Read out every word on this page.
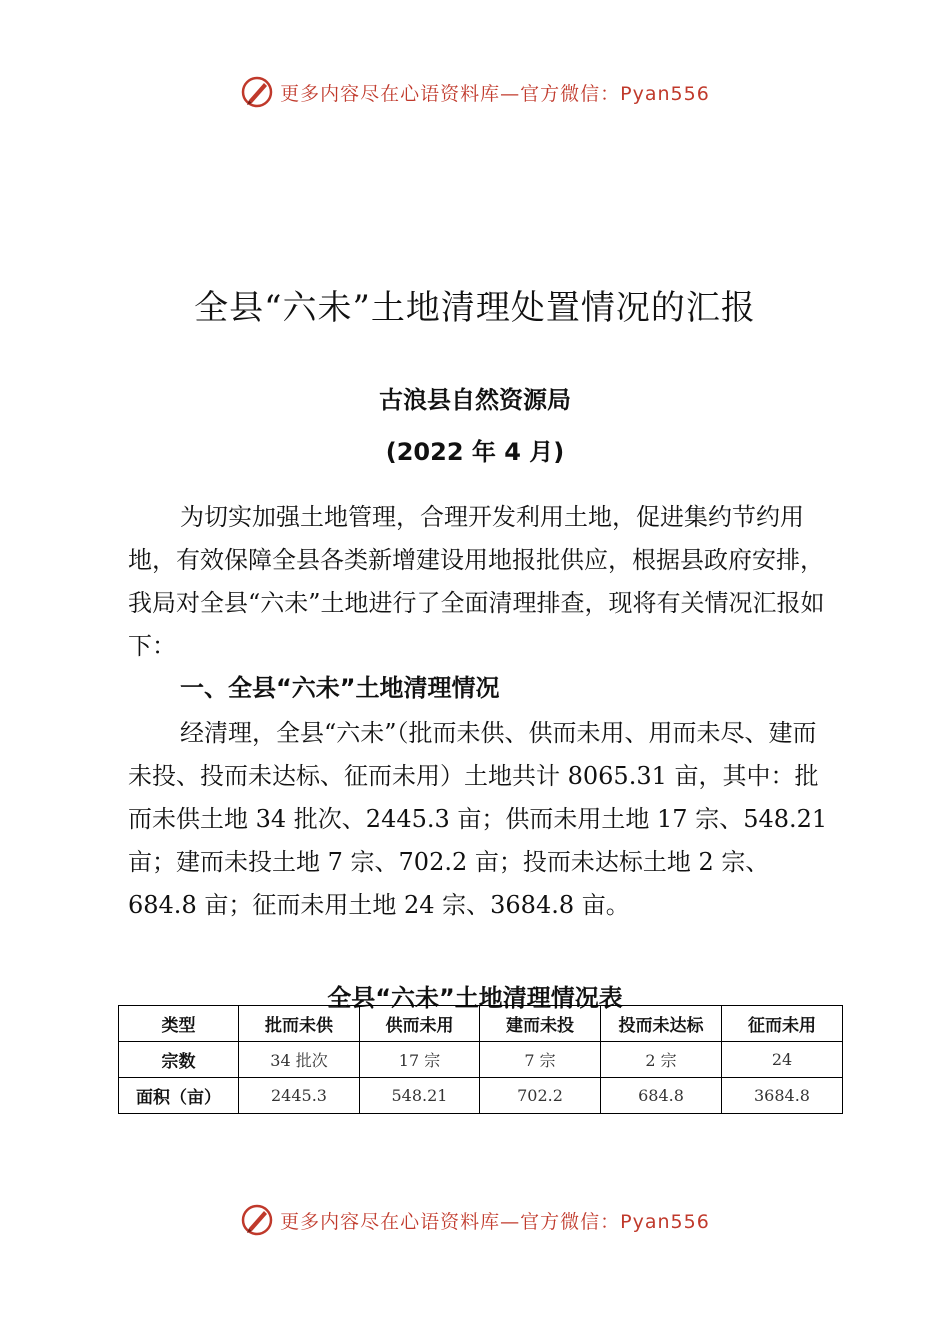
更多内容尽在心语资料库—官方微信： Pyan556
全县“六未”土地清理处置情况的汇报
古浪县自然资源局
(2022 年 4 月)

为切实加强土地管理，合理开发利用土地，促进集约节约用地，有效保障全县各类新增建设用地报批供应，根据县政府安排，我局对全县“六未”土地进行了全面清理排查，现将有关情况汇报如下：

一、全县“六未”土地清理情况

经清理，全县“六未”（批而未供、供而未用、用而未尽、建而未投、投而未达标、征而未用）土地共计 8065.31 亩，其中：批而未供土地 34 批次、2445.3 亩；供而未用土地 17 宗、548.21 亩；建而未投土地 7 宗、702.2 亩；投而未达标土地 2 宗、684.8 亩；征而未用土地 24 宗、3684.8 亩。

全县“六未”土地清理情况表
类型	批而未供	供而未用	建而未投	投而未达标	征而未用
宗数	34 批次	17 宗	7 宗	2 宗	24
面积（亩）	2445.3	548.21	702.2	684.8	3684.8
更多内容尽在心语资料库—官方微信： Pyan556
